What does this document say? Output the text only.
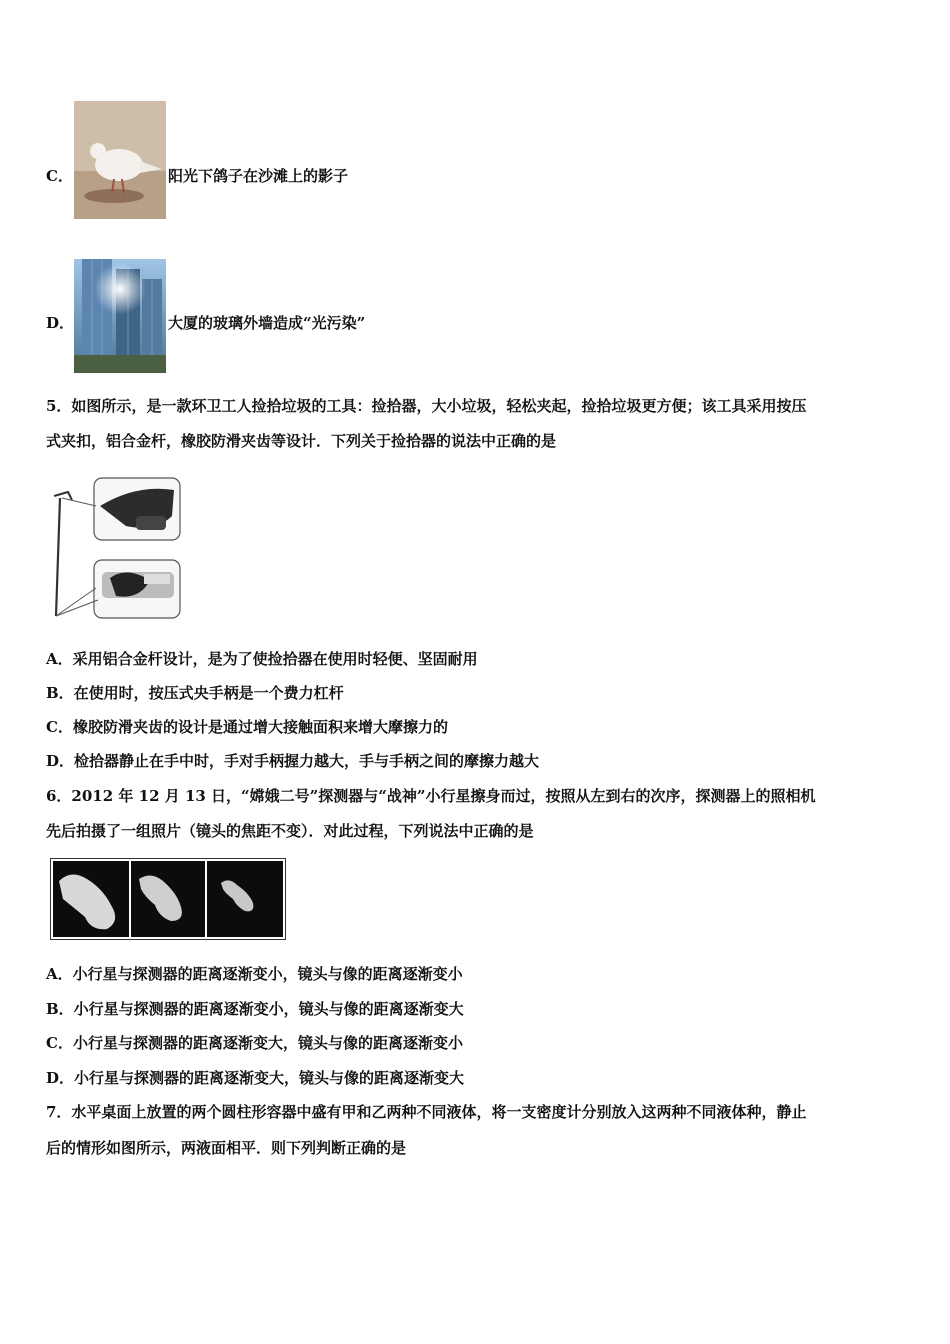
C．	阳光下鸽子在沙滩上的影子
D．	大厦的玻璃外墙造成“光污染”
5．如图所示，是一款环卫工人捡拾垃圾的工具：捡拾器，大小垃圾，轻松夹起，捡拾垃圾更方便；该工具采用按压
式夹扣，铝合金杆，橡胶防滑夹齿等设计．下列关于捡拾器的说法中正确的是
A．采用铝合金杆设计，是为了使捡拾器在使用时轻便、坚固耐用
B．在使用时，按压式央手柄是一个费力杠杆
C．橡胶防滑夹齿的设计是通过增大接触面积来增大摩擦力的
D．检拾器静止在手中时，手对手柄握力越大，手与手柄之间的摩擦力越大
6．2012 年 12 月 13 日，“嫦娥二号”探测器与“战神”小行星擦身而过，按照从左到右的次序，探测器上的照相机
先后拍摄了一组照片（镜头的焦距不变）．对此过程，下列说法中正确的是
A．小行星与探测器的距离逐渐变小，镜头与像的距离逐渐变小
B．小行星与探测器的距离逐渐变小，镜头与像的距离逐渐变大
C．小行星与探测器的距离逐渐变大，镜头与像的距离逐渐变小
D．小行星与探测器的距离逐渐变大，镜头与像的距离逐渐变大
7．水平桌面上放置的两个圆柱形容器中盛有甲和乙两种不同液体，将一支密度计分别放入这两种不同液体种，静止
后的情形如图所示，两液面相平．则下列判断正确的是
